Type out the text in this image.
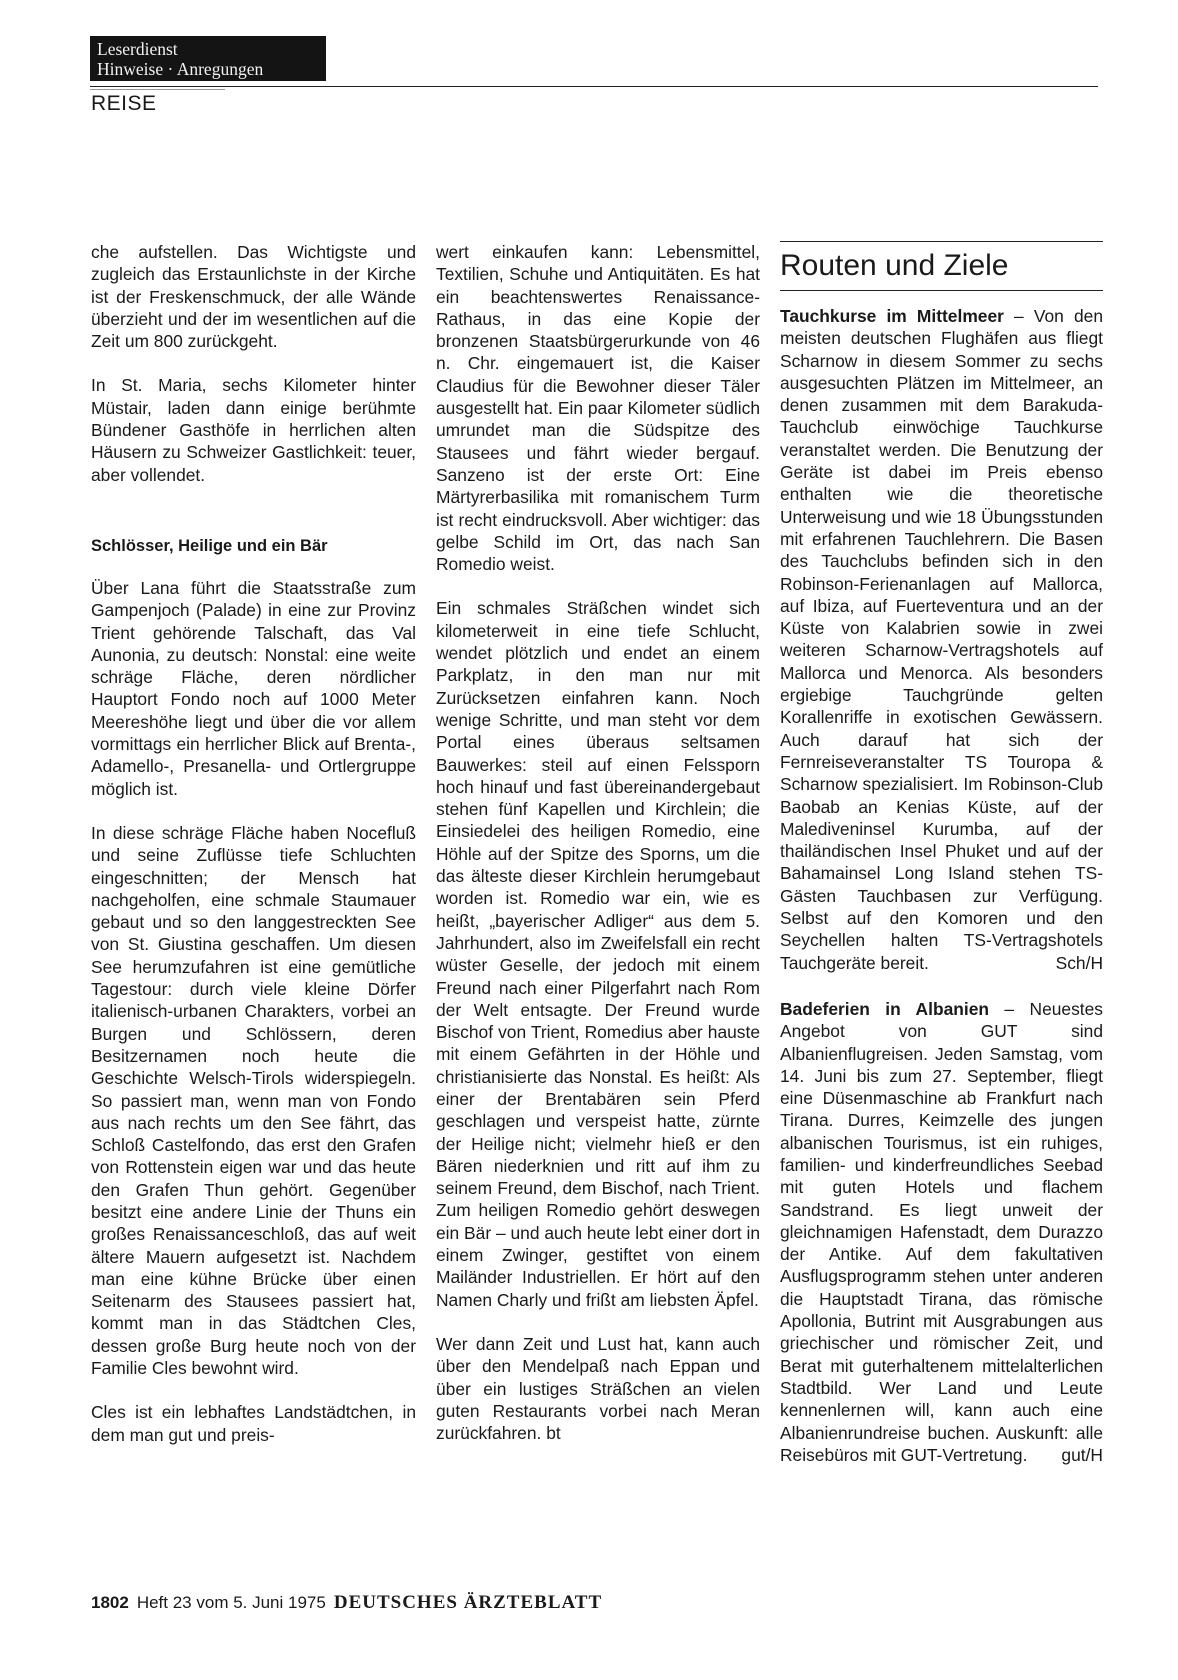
Leserdienst
Hinweise · Anregungen
REISE

che aufstellen. Das Wichtigste und zugleich das Erstaunlichste in der Kirche ist der Freskenschmuck, der alle Wände überzieht und der im wesentlichen auf die Zeit um 800 zurückgeht.

In St. Maria, sechs Kilometer hinter Müstair, laden dann einige berühmte Bündener Gasthöfe in herrlichen alten Häusern zu Schweizer Gastlichkeit: teuer, aber vollendet.

Schlösser, Heilige und ein Bär

Über Lana führt die Staatsstraße zum Gampenjoch (Palade) in eine zur Provinz Trient gehörende Talschaft, das Val Aunonia, zu deutsch: Nonstal: eine weite schräge Fläche, deren nördlicher Hauptort Fondo noch auf 1000 Meter Meereshöhe liegt und über die vor allem vormittags ein herrlicher Blick auf Brenta-, Adamello-, Presanella- und Ortlergruppe möglich ist.

In diese schräge Fläche haben Nocefluß und seine Zuflüsse tiefe Schluchten eingeschnitten; der Mensch hat nachgeholfen, eine schmale Staumauer gebaut und so den langgestreckten See von St. Giustina geschaffen. Um diesen See herumzufahren ist eine gemütliche Tagestour: durch viele kleine Dörfer italienisch-urbanen Charakters, vorbei an Burgen und Schlössern, deren Besitzernamen noch heute die Geschichte Welsch-Tirols widerspiegeln. So passiert man, wenn man von Fondo aus nach rechts um den See fährt, das Schloß Castelfondo, das erst den Grafen von Rottenstein eigen war und das heute den Grafen Thun gehört. Gegenüber besitzt eine andere Linie der Thuns ein großes Renaissanceschloß, das auf weit ältere Mauern aufgesetzt ist. Nachdem man eine kühne Brücke über einen Seitenarm des Stausees passiert hat, kommt man in das Städtchen Cles, dessen große Burg heute noch von der Familie Cles bewohnt wird.

Cles ist ein lebhaftes Landstädtchen, in dem man gut und preis-

wert einkaufen kann: Lebensmittel, Textilien, Schuhe und Antiquitäten. Es hat ein beachtenswertes Renaissance-Rathaus, in das eine Kopie der bronzenen Staatsbürgerurkunde von 46 n. Chr. eingemauert ist, die Kaiser Claudius für die Bewohner dieser Täler ausgestellt hat. Ein paar Kilometer südlich umrundet man die Südspitze des Stausees und fährt wieder bergauf. Sanzeno ist der erste Ort: Eine Märtyrerbasilika mit romanischem Turm ist recht eindrucksvoll. Aber wichtiger: das gelbe Schild im Ort, das nach San Romedio weist.

Ein schmales Sträßchen windet sich kilometerweit in eine tiefe Schlucht, wendet plötzlich und endet an einem Parkplatz, in den man nur mit Zurücksetzen einfahren kann. Noch wenige Schritte, und man steht vor dem Portal eines überaus seltsamen Bauwerkes: steil auf einen Felssporn hoch hinauf und fast übereinandergebaut stehen fünf Kapellen und Kirchlein; die Einsiedelei des heiligen Romedio, eine Höhle auf der Spitze des Sporns, um die das älteste dieser Kirchlein herumgebaut worden ist. Romedio war ein, wie es heißt, „bayerischer Adliger“ aus dem 5. Jahrhundert, also im Zweifelsfall ein recht wüster Geselle, der jedoch mit einem Freund nach einer Pilgerfahrt nach Rom der Welt entsagte. Der Freund wurde Bischof von Trient, Romedius aber hauste mit einem Gefährten in der Höhle und christianisierte das Nonstal. Es heißt: Als einer der Brentabären sein Pferd geschlagen und verspeist hatte, zürnte der Heilige nicht; vielmehr hieß er den Bären niederknien und ritt auf ihm zu seinem Freund, dem Bischof, nach Trient. Zum heiligen Romedio gehört deswegen ein Bär – und auch heute lebt einer dort in einem Zwinger, gestiftet von einem Mailänder Industriellen. Er hört auf den Namen Charly und frißt am liebsten Äpfel.

Wer dann Zeit und Lust hat, kann auch über den Mendelpaß nach Eppan und über ein lustiges Sträßchen an vielen guten Restaurants vorbei nach Meran zurückfahren. bt

Routen und Ziele

Tauchkurse im Mittelmeer – Von den meisten deutschen Flughäfen aus fliegt Scharnow in diesem Sommer zu sechs ausgesuchten Plätzen im Mittelmeer, an denen zusammen mit dem Barakuda-Tauchclub einwöchige Tauchkurse veranstaltet werden. Die Benutzung der Geräte ist dabei im Preis ebenso enthalten wie die theoretische Unterweisung und wie 18 Übungsstunden mit erfahrenen Tauchlehrern. Die Basen des Tauchclubs befinden sich in den Robinson-Ferienanlagen auf Mallorca, auf Ibiza, auf Fuerteventura und an der Küste von Kalabrien sowie in zwei weiteren Scharnow-Vertragshotels auf Mallorca und Menorca. Als besonders ergiebige Tauchgründe gelten Korallenriffe in exotischen Gewässern. Auch darauf hat sich der Fernreiseveranstalter TS Touropa & Scharnow spezialisiert. Im Robinson-Club Baobab an Kenias Küste, auf der Malediveninsel Kurumba, auf der thailändischen Insel Phuket und auf der Bahamainsel Long Island stehen TS-Gästen Tauchbasen zur Verfügung. Selbst auf den Komoren und den Seychellen halten TS-Vertragshotels Tauchgeräte bereit.	Sch/H

Badeferien in Albanien – Neuestes Angebot von GUT sind Albanienflugreisen. Jeden Samstag, vom 14. Juni bis zum 27. September, fliegt eine Düsenmaschine ab Frankfurt nach Tirana. Durres, Keimzelle des jungen albanischen Tourismus, ist ein ruhiges, familien- und kinderfreundliches Seebad mit guten Hotels und flachem Sandstrand. Es liegt unweit der gleichnamigen Hafenstadt, dem Durazzo der Antike. Auf dem fakultativen Ausflugsprogramm stehen unter anderen die Hauptstadt Tirana, das römische Apollonia, Butrint mit Ausgrabungen aus griechischer und römischer Zeit, und Berat mit guterhaltenem mittelalterlichen Stadtbild. Wer Land und Leute kennenlernen will, kann auch eine Albanienrundreise buchen. Auskunft: alle Reisebüros mit GUT-Vertretung. gut/H

1802 Heft 23 vom 5. Juni 1975 DEUTSCHES ÄRZTEBLATT
